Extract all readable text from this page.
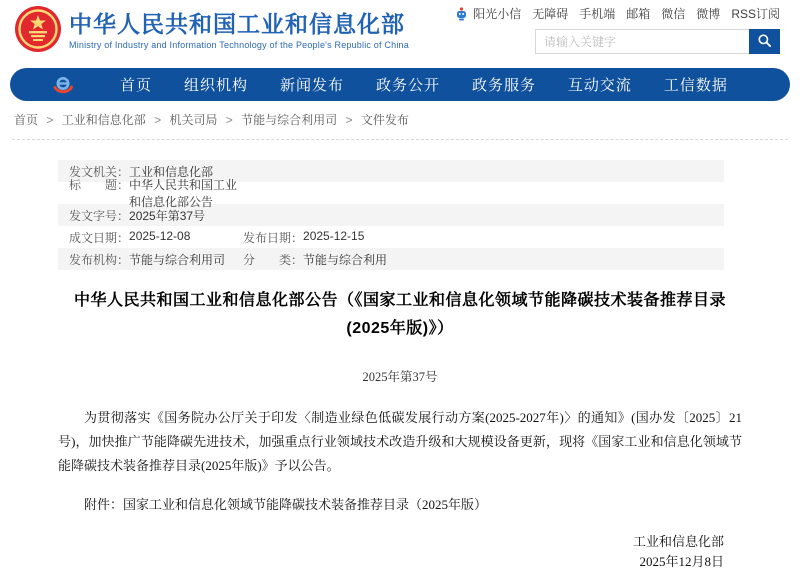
中华人民共和国工业和信息化部
Ministry of Industry and Information Technology of the People's Republic of China
阳光小信 无障碍 手机端 邮箱 微信 微博 RSS订阅
请输入关键字
首页 组织机构 新闻发布 政务公开 政务服务 互动交流 工信数据
首页 > 工业和信息化部 > 机关司局 > 节能与综合利用司 > 文件发布
发文机关： 工业和信息化部
标　　题： 中华人民共和国工业和信息化部公告
发文字号： 2025年第37号
成文日期： 2025-12-08	发布日期： 2025-12-15
发布机构： 节能与综合利用司 分　　类： 节能与综合利用
中华人民共和国工业和信息化部公告（《国家工业和信息化领域节能降碳技术装备推荐目录(2025年版)》）
2025年第37号

为贯彻落实《国务院办公厅关于印发〈制造业绿色低碳发展行动方案(2025-2027年)〉的通知》(国办发〔2025〕21号)，加快推广节能降碳先进技术，加强重点行业领域技术改造升级和大规模设备更新，现将《国家工业和信息化领域节能降碳技术装备推荐目录(2025年版)》予以公告。

附件：国家工业和信息化领域节能降碳技术装备推荐目录（2025年版）

工业和信息化部
2025年12月8日
